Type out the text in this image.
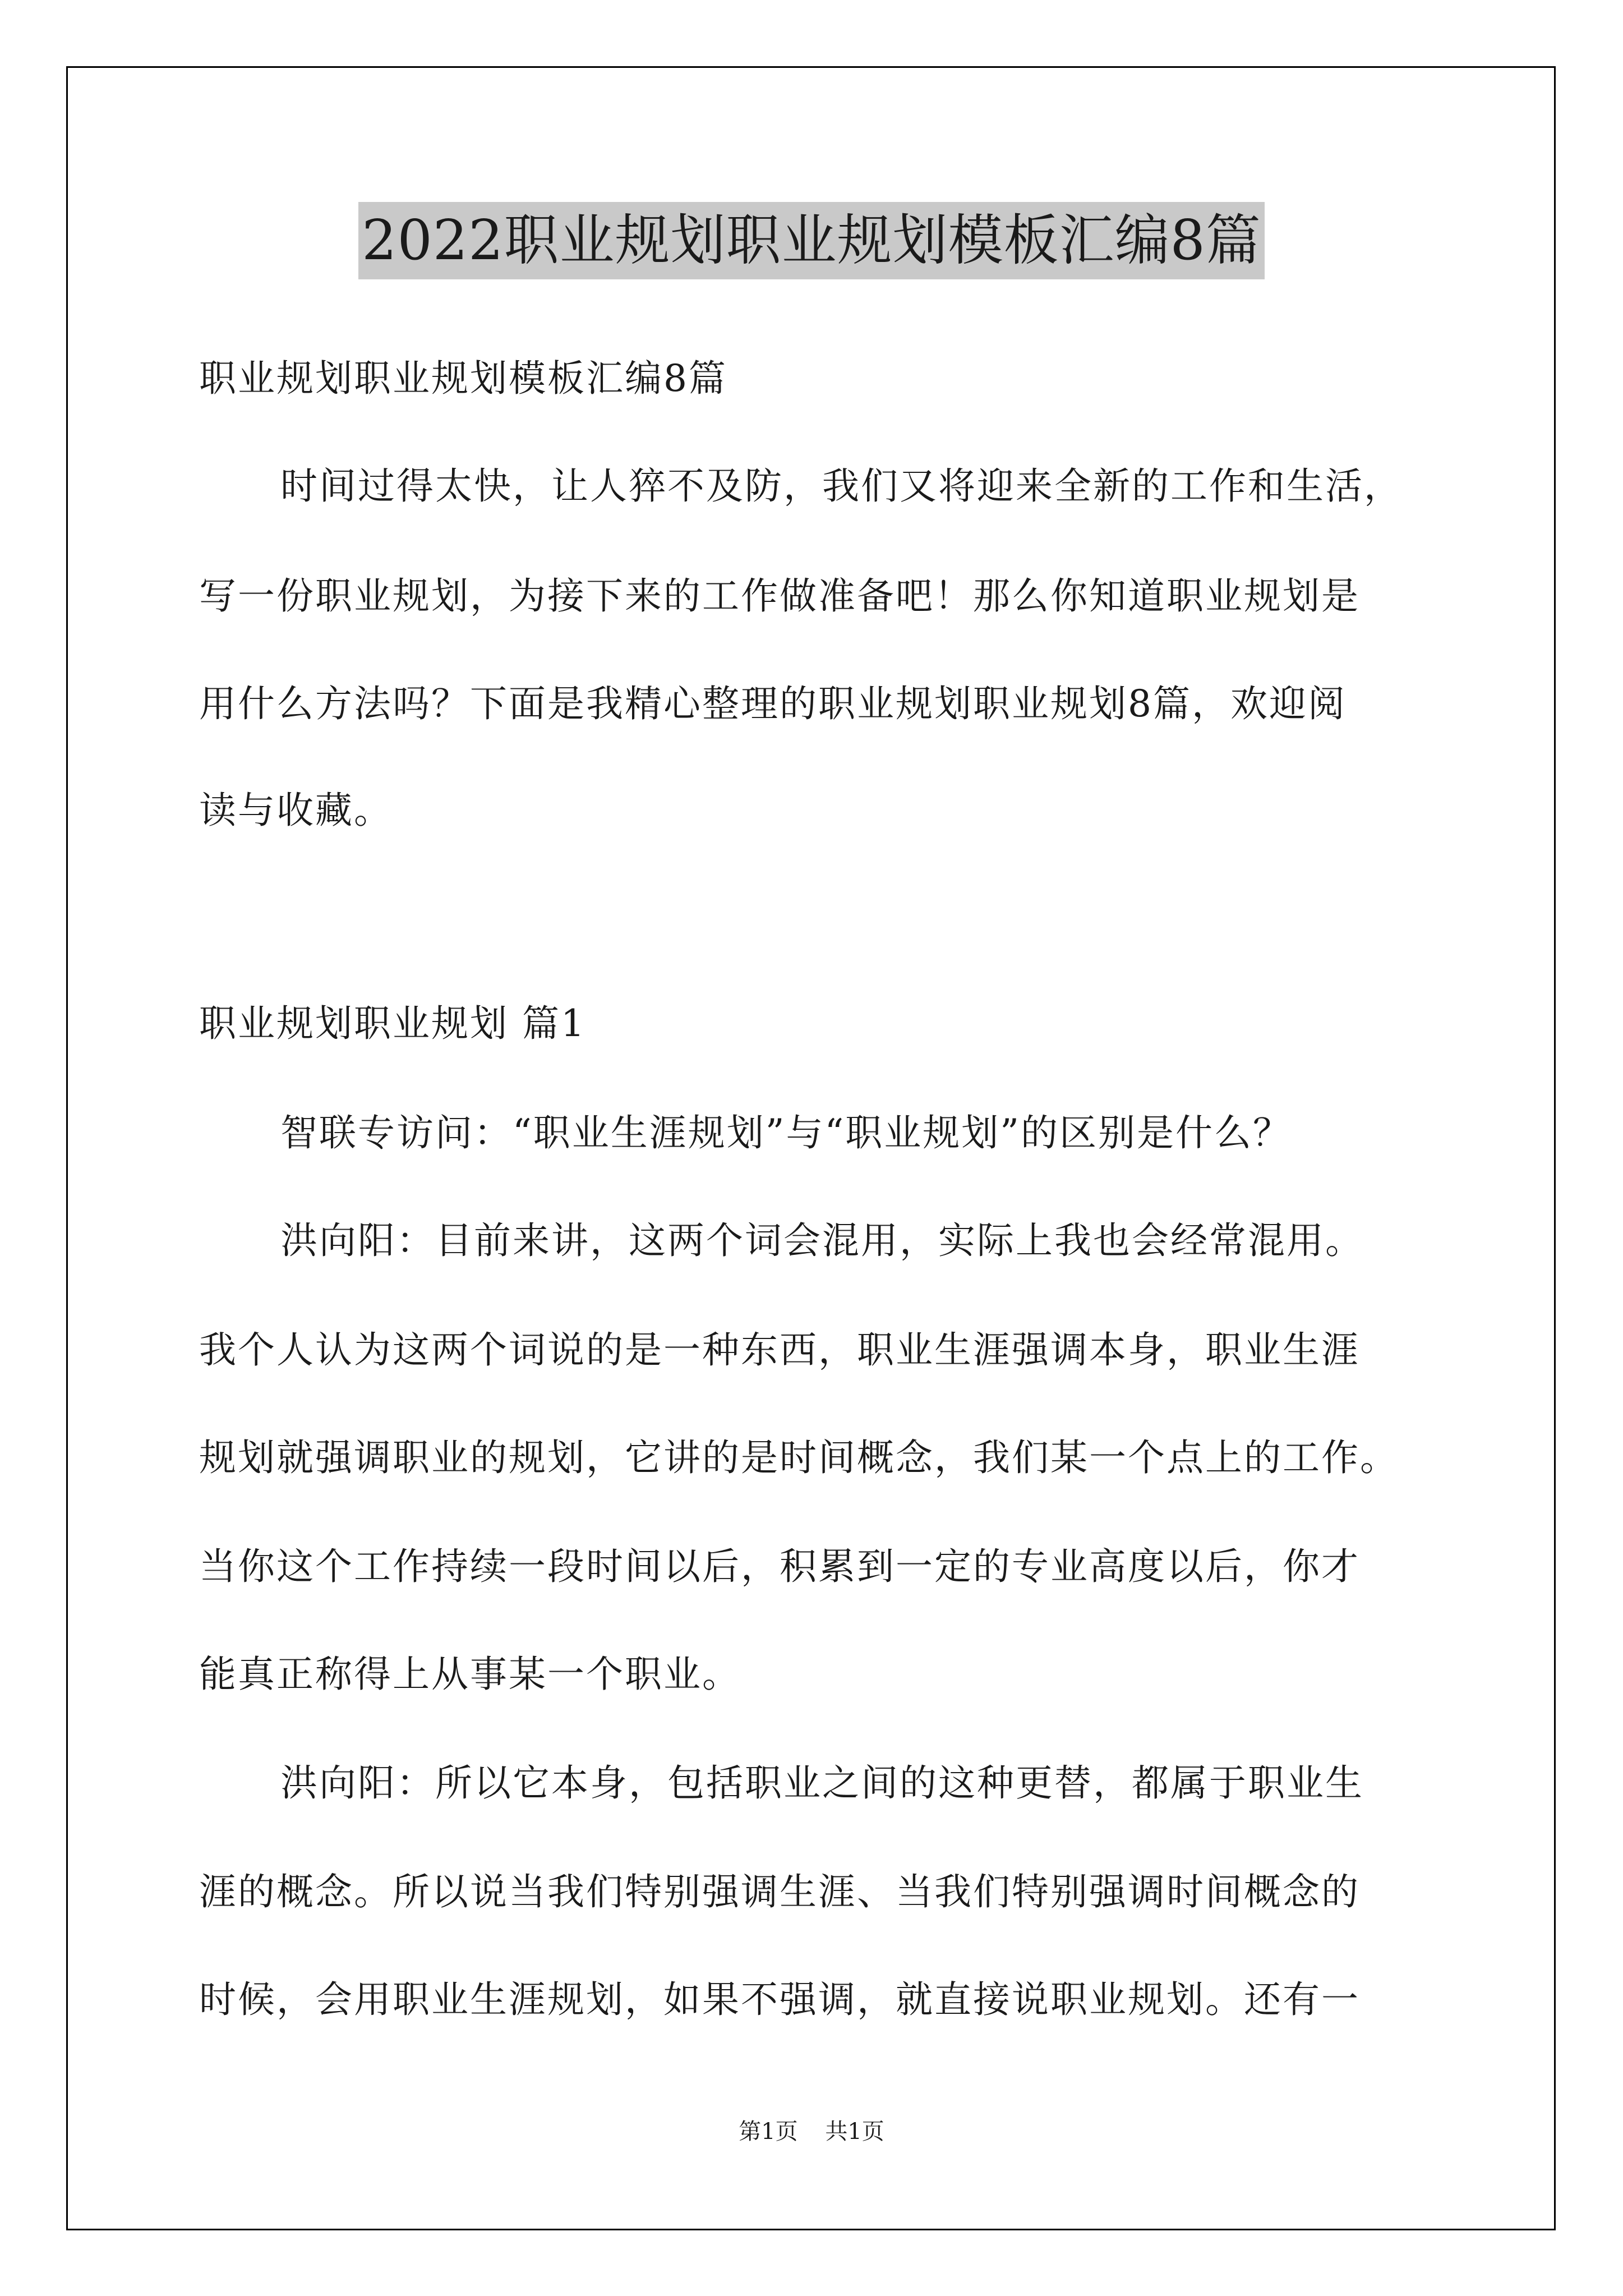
2022职业规划职业规划模板汇编8篇
职业规划职业规划模板汇编8篇
时间过得太快，让人猝不及防，我们又将迎来全新的工作和生活，
写一份职业规划，为接下来的工作做准备吧！那么你知道职业规划是
用什么方法吗？下面是我精心整理的职业规划职业规划8篇，欢迎阅
读与收藏。
职业规划职业规划 篇1
智联专访问：“职业生涯规划”与“职业规划”的区别是什么？
洪向阳：目前来讲，这两个词会混用，实际上我也会经常混用。
我个人认为这两个词说的是一种东西，职业生涯强调本身，职业生涯
规划就强调职业的规划，它讲的是时间概念，我们某一个点上的工作。
当你这个工作持续一段时间以后，积累到一定的专业高度以后，你才
能真正称得上从事某一个职业。
洪向阳：所以它本身，包括职业之间的这种更替，都属于职业生
涯的概念。所以说当我们特别强调生涯、当我们特别强调时间概念的
时候，会用职业生涯规划，如果不强调，就直接说职业规划。还有一
第1页 共1页
